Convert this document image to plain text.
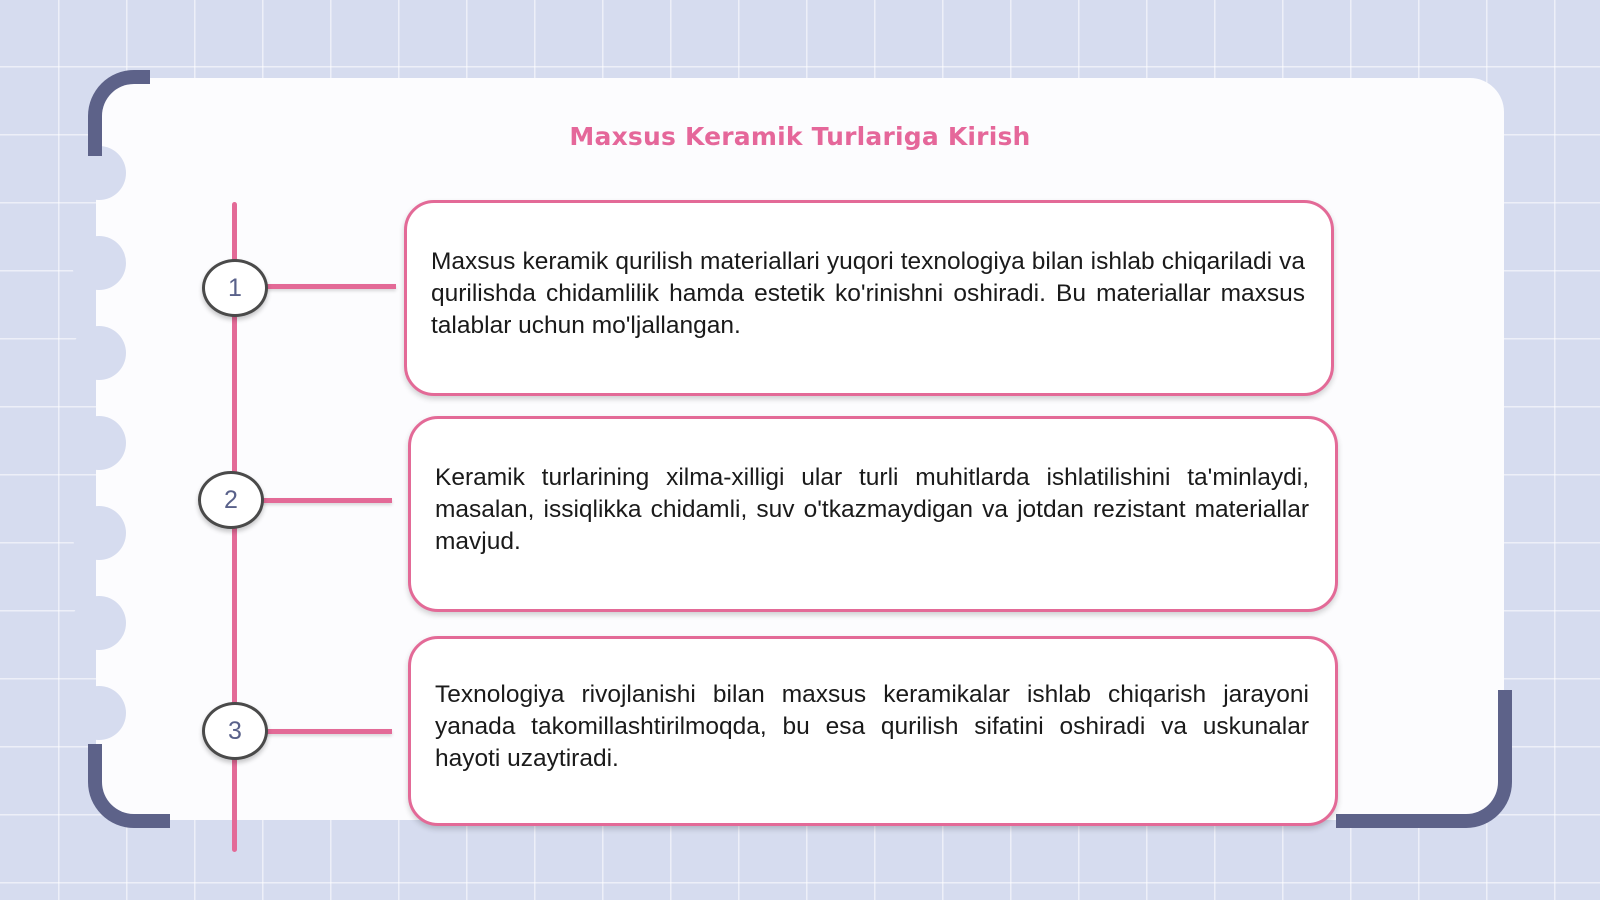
Maxsus Keramik Turlariga Kirish
1
2
3

Maxsus keramik qurilish materiallari yuqori texnologiya bilan ishlab chiqariladi va qurilishda chidamlilik hamda estetik ko'rinishni oshiradi. Bu materiallar maxsus talablar uchun mo'ljallangan.

Keramik turlarining xilma-xilligi ular turli muhitlarda ishlatilishini ta'minlaydi, masalan, issiqlikka chidamli, suv o'tkazmaydigan va jotdan rezistant materiallar mavjud.

Texnologiya rivojlanishi bilan maxsus keramikalar ishlab chiqarish jarayoni yanada takomillashtirilmoqda, bu esa qurilish sifatini oshiradi va uskunalar hayoti uzaytiradi.
